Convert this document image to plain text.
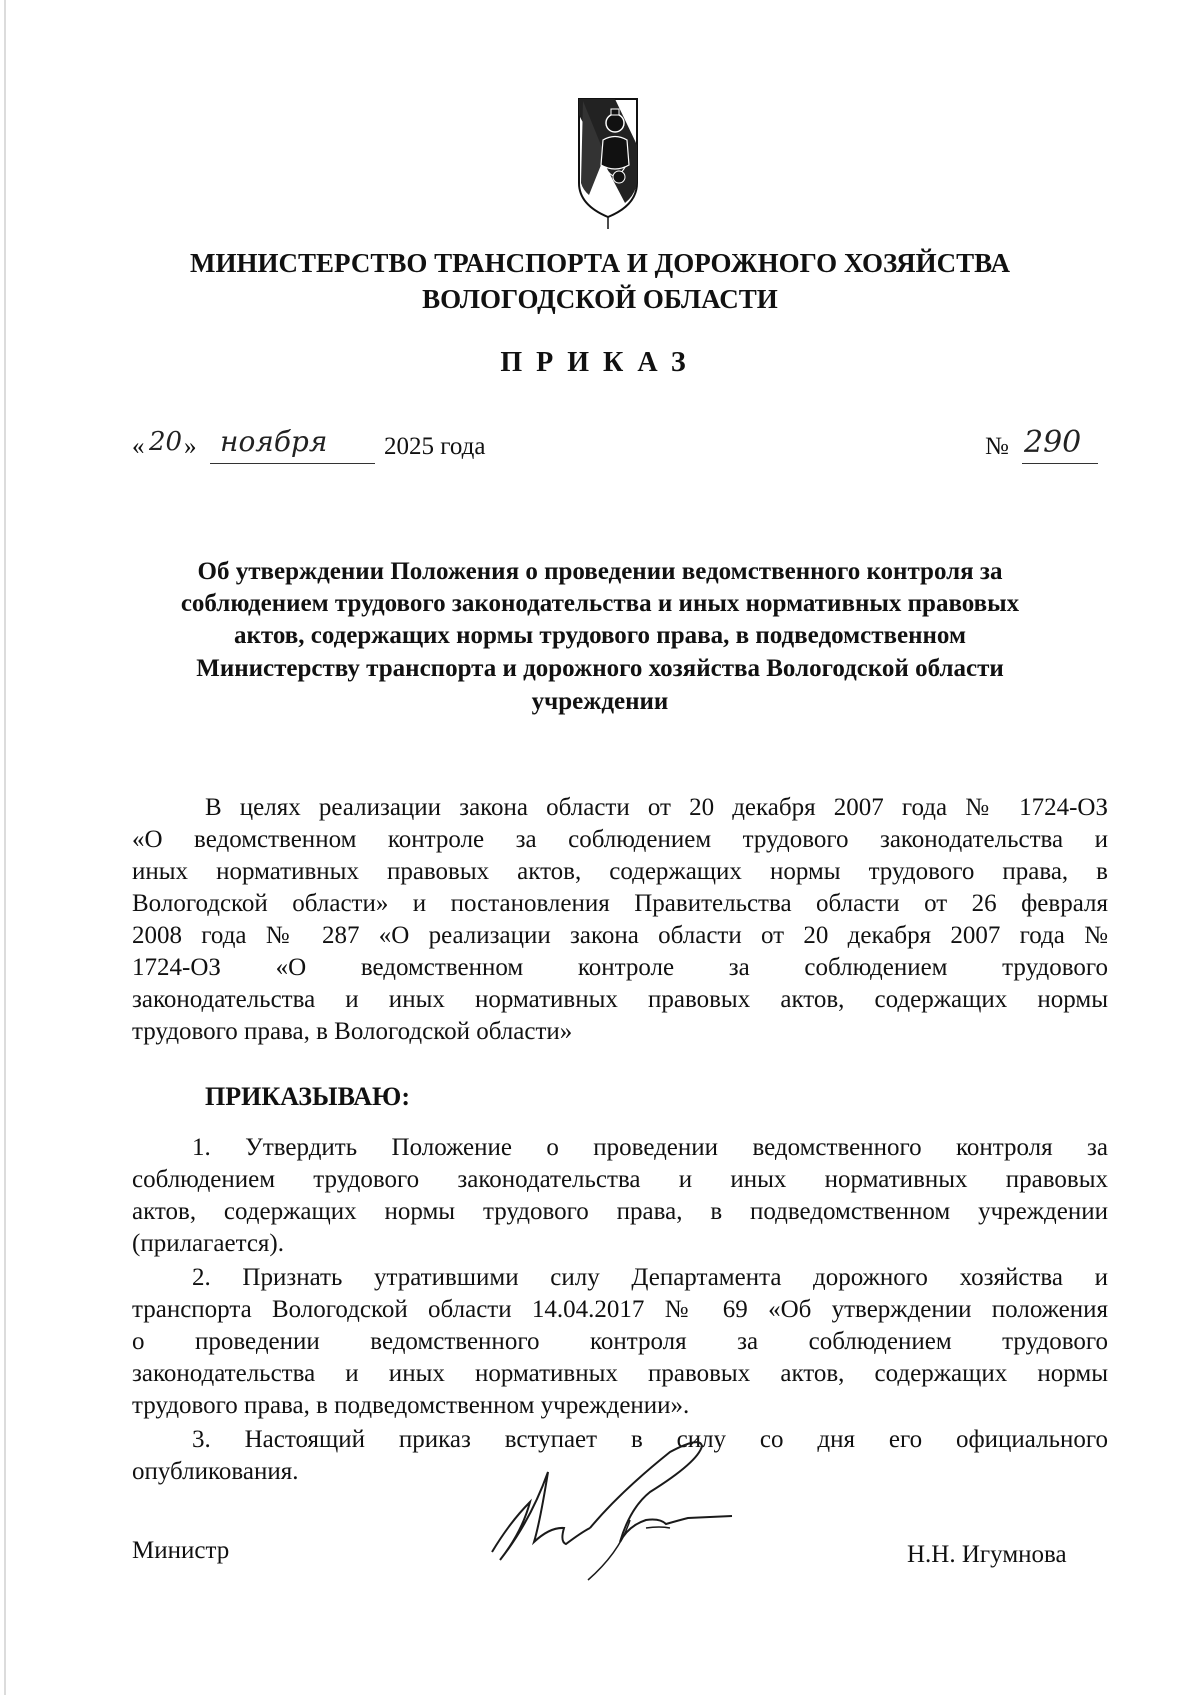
МИНИСТЕРСТВО ТРАНСПОРТА И ДОРОЖНОГО ХОЗЯЙСТВА
ВОЛОГОДСКОЙ ОБЛАСТИ
ПРИКАЗ
« 20 » ноября 2025 года	№ 290
Об утверждении Положения о проведении ведомственного контроля за
соблюдением трудового законодательства и иных нормативных правовых
актов, содержащих нормы трудового права, в подведомственном
Министерству транспорта и дорожного хозяйства Вологодской области
учреждении
В целях реализации закона области от 20 декабря 2007 года № 1724-ОЗ
«О ведомственном контроле за соблюдением трудового законодательства и
иных нормативных правовых актов, содержащих нормы трудового права, в
Вологодской области» и постановления Правительства области от 26 февраля
2008 года № 287 «О реализации закона области от 20 декабря 2007 года №
1724-ОЗ «О ведомственном контроле за соблюдением трудового
законодательства и иных нормативных правовых актов, содержащих нормы
трудового права, в Вологодской области»
ПРИКАЗЫВАЮ:
1. Утвердить Положение о проведении ведомственного контроля за
соблюдением трудового законодательства и иных нормативных правовых
актов, содержащих нормы трудового права, в подведомственном учреждении
(прилагается).
2. Признать утратившими силу Департамента дорожного хозяйства и
транспорта Вологодской области 14.04.2017 № 69 «Об утверждении положения
о проведении ведомственного контроля за соблюдением трудового
законодательства и иных нормативных правовых актов, содержащих нормы
трудового права, в подведомственном учреждении».
3. Настоящий приказ вступает в силу со дня его официального
опубликования.
Министр	Н.Н. Игумнова
